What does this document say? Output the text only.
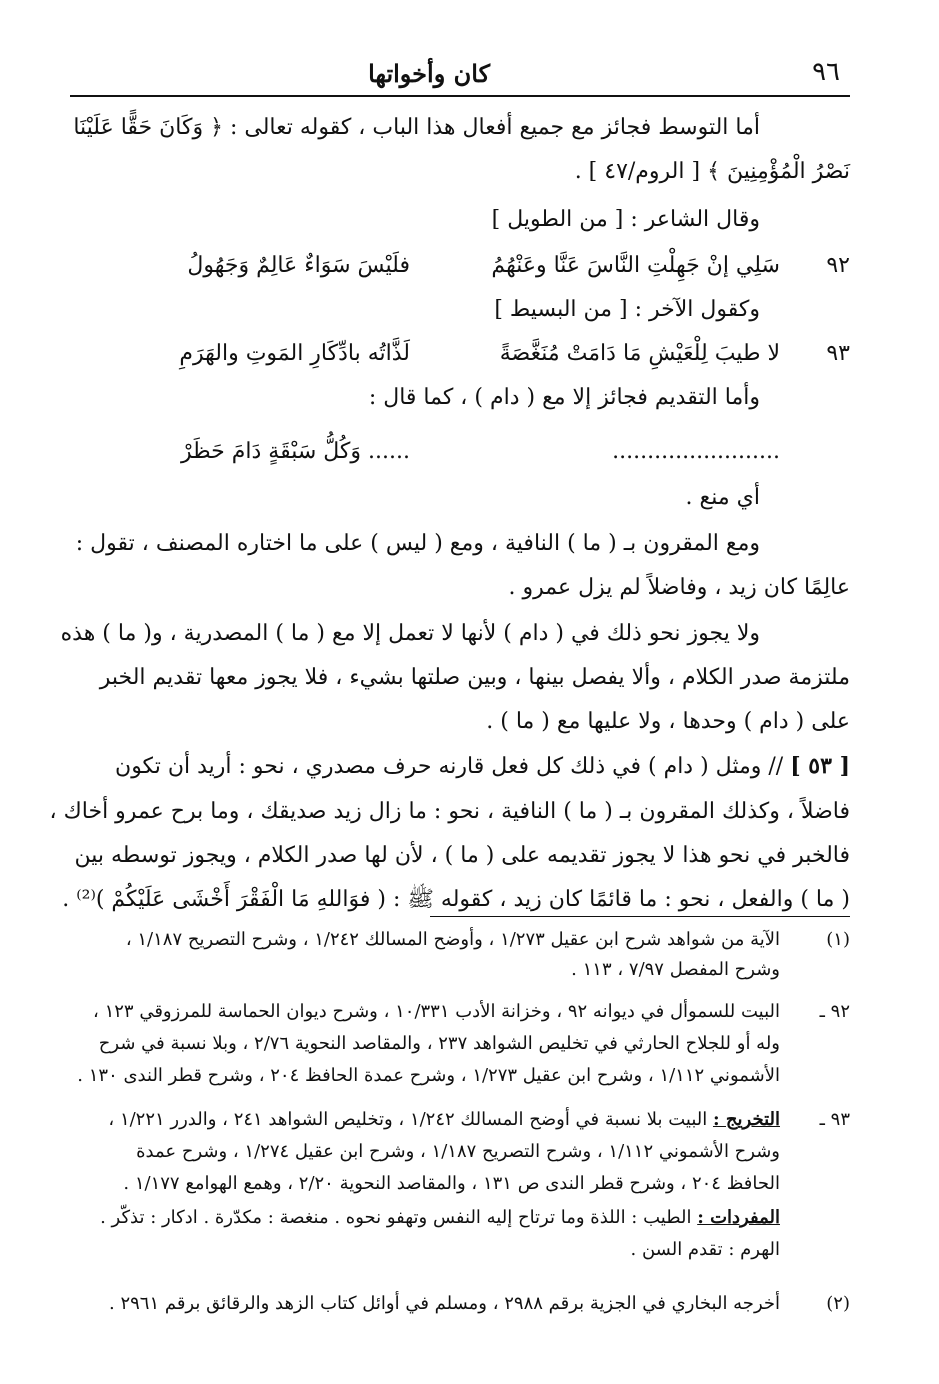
٩٦
كان وأخواتها
أما التوسط فجائز مع جميع أفعال هذا الباب ، كقوله تعالى : ﴿ وَكَانَ حَقًّا عَلَيْنَا
نَصْرُ الْمُؤْمِنِينَ ﴾ [ الروم/٤٧ ] .
وقال الشاعر : [ من الطويل ]
٩٢
سَلِي إنْ جَهِلْتِ النَّاسَ عَنَّا وعَنْهُمُ
فلَيْسَ سَوَاءٌ عَالِمٌ وَجَهُولُ
وكقول الآخر : [ من البسيط ]
٩٣
لا طيبَ لِلْعَيْشِ مَا دَامَتْ مُنَغَّصَةً
لَذَّاتُه بادِّكَارِ المَوتِ والهَرَمِ
وأما التقديم فجائز إلا مع ( دام ) ، كما قال :
........................
...... وَكُلُّ سَبْقَةٍ دَامَ حَظَرْ
أي منع .
ومع المقرون بـ ( ما ) النافية ، ومع ( ليس ) على ما اختاره المصنف ، تقول :
عالِمًا كان زيد ، وفاضلاً لم يزل عمرو .
ولا يجوز نحو ذلك في ( دام ) لأنها لا تعمل إلا مع ( ما ) المصدرية ، و( ما ) هذه
ملتزمة صدر الكلام ، وألا يفصل بينها ، وبين صلتها بشيء ، فلا يجوز معها تقديم الخبر
على ( دام ) وحدها ، ولا عليها مع ( ما ) .
[ ٥٣ ] // ومثل ( دام ) في ذلك كل فعل قارنه حرف مصدري ، نحو : أريد أن تكون
فاضلاً ، وكذلك المقرون بـ ( ما ) النافية ، نحو : ما زال زيد صديقك ، وما برح عمرو أخاك ،
فالخبر في نحو هذا لا يجوز تقديمه على ( ما ) ، لأن لها صدر الكلام ، ويجوز توسطه بين
( ما ) والفعل ، نحو : ما قائمًا كان زيد ، كقوله ﷺ : ( فوَاللهِ مَا الْفَقْرَ أَخْشَى عَلَيْكُمْ )⁽²⁾ .
(١)
الآية من شواهد شرح ابن عقيل ١/٢٧٣ ، وأوضح المسالك ١/٢٤٢ ، وشرح التصريح ١/١٨٧ ،
وشرح المفصل ٧/٩٧ ، ١١٣ .
٩٢ ـ
البيت للسموأل في ديوانه ٩٢ ، وخزانة الأدب ١٠/٣٣١ ، وشرح ديوان الحماسة للمرزوقي ١٢٣ ،
وله أو للجلاح الحارثي في تخليص الشواهد ٢٣٧ ، والمقاصد النحوية ٢/٧٦ ، وبلا نسبة في شرح
الأشموني ١/١١٢ ، وشرح ابن عقيل ١/٢٧٣ ، وشرح عمدة الحافظ ٢٠٤ ، وشرح قطر الندى ١٣٠ .
٩٣ ـ
التخريج : البيت بلا نسبة في أوضح المسالك ١/٢٤٢ ، وتخليص الشواهد ٢٤١ ، والدرر ١/٢٢١ ،
وشرح الأشموني ١/١١٢ ، وشرح التصريح ١/١٨٧ ، وشرح ابن عقيل ١/٢٧٤ ، وشرح عمدة
الحافظ ٢٠٤ ، وشرح قطر الندى ص ١٣١ ، والمقاصد النحوية ٢/٢٠ ، وهمع الهوامع ١/١٧٧ .
المفردات : الطيب : اللذة وما ترتاح إليه النفس وتهفو نحوه . منغصة : مكدّرة . ادكار : تذكّر .
الهرم : تقدم السن .
(٢)
أخرجه البخاري في الجزية برقم ٢٩٨٨ ، ومسلم في أوائل كتاب الزهد والرقائق برقم ٢٩٦١ .
